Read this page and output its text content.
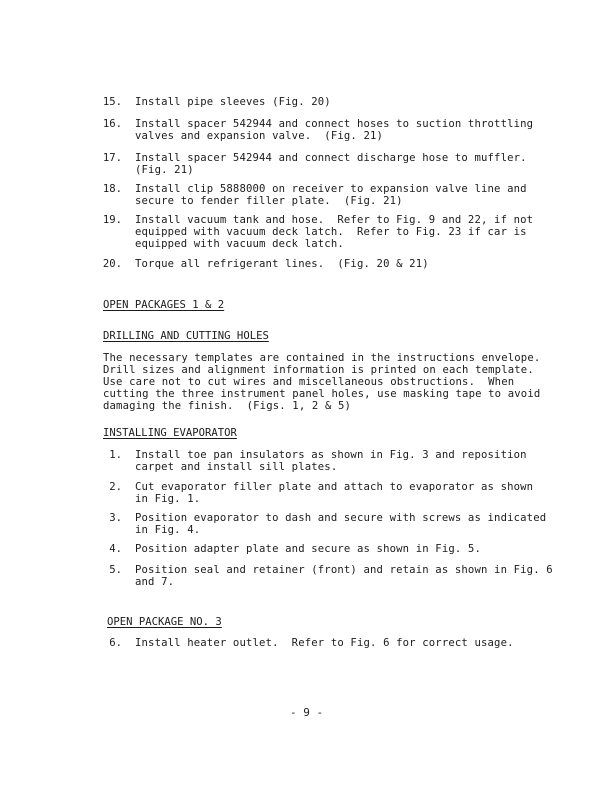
15. Install pipe sleeves (Fig. 20)
16. Install spacer 542944 and connect hoses to suction throttling
valves and expansion valve.  (Fig. 21)
17. Install spacer 542944 and connect discharge hose to muffler.
(Fig. 21)
18. Install clip 5888000 on receiver to expansion valve line and
secure to fender filler plate.  (Fig. 21)
19. Install vacuum tank and hose.  Refer to Fig. 9 and 22, if not
equipped with vacuum deck latch.  Refer to Fig. 23 if car is
equipped with vacuum deck latch.
20. Torque all refrigerant lines.  (Fig. 20 & 21)
OPEN PACKAGES 1 & 2
DRILLING AND CUTTING HOLES
The necessary templates are contained in the instructions envelope.
Drill sizes and alignment information is printed on each template.
Use care not to cut wires and miscellaneous obstructions.  When
cutting the three instrument panel holes, use masking tape to avoid
damaging the finish.  (Figs. 1, 2 & 5)
INSTALLING EVAPORATOR
1. Install toe pan insulators as shown in Fig. 3 and reposition
carpet and install sill plates.
2. Cut evaporator filler plate and attach to evaporator as shown
in Fig. 1.
3. Position evaporator to dash and secure with screws as indicated
in Fig. 4.
4. Position adapter plate and secure as shown in Fig. 5.
5. Position seal and retainer (front) and retain as shown in Fig. 6
and 7.
OPEN PACKAGE NO. 3
6. Install heater outlet.  Refer to Fig. 6 for correct usage.
- 9 -
